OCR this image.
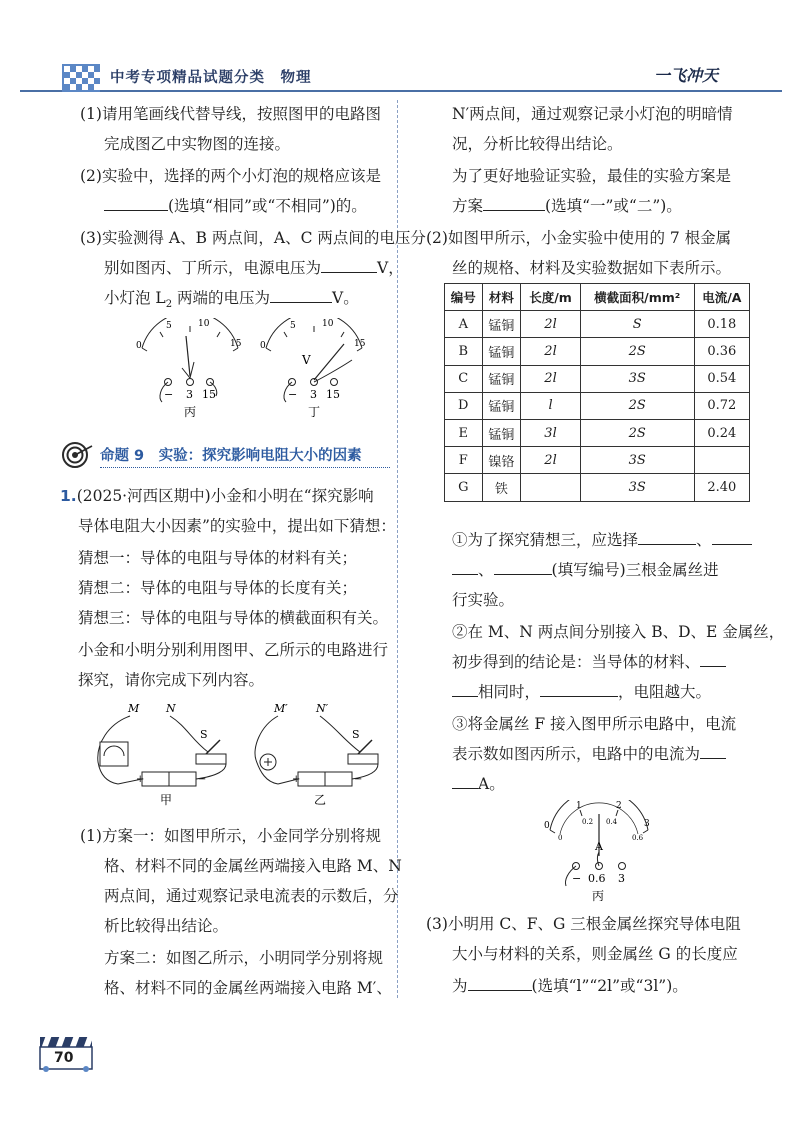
中考专项精品试题分类　物理	一飞冲天
(1)请用笔画线代替导线，按照图甲的电路图
完成图乙中实物图的连接。
(2)实验中，选择的两个小灯泡的规格应该是
(选填“相同”或“不相同”)的。
(3)实验测得 A、B 两点间，A、C 两点间的电压分
别如图丙、丁所示，电源电压为	V，
小灯泡 $L_2$ 两端的电压为	V。
0
5	10
15
− 3 15
丙
0
5	10
15
V
− 3 15
丁
命题 9　实验：探究影响电阻大小的因素
1.(2025·河西区期中)小金和小明在“探究影响
导体电阻大小因素”的实验中，提出如下猜想：
猜想一：导体的电阻与导体的材料有关；
猜想二：导体的电阻与导体的长度有关；
猜想三：导体的电阻与导体的横截面积有关。
小金和小明分别利用图甲、乙所示的电路进行
探究，请你完成下列内容。
M N
S
+	−
甲
M′	N′
S
+	−
乙
(1)方案一：如图甲所示，小金同学分别将规
格、材料不同的金属丝两端接入电路 M、N
两点间，通过观察记录电流表的示数后，分
析比较得出结论。
方案二：如图乙所示，小明同学分别将规
格、材料不同的金属丝两端接入电路 M′、
N′两点间，通过观察记录小灯泡的明暗情
况，分析比较得出结论。
为了更好地验证实验，最佳的实验方案是
方案	(选填“一”或“二”)。
(2)如图甲所示，小金实验中使用的 7 根金属
丝的规格、材料及实验数据如下表所示。
编号	材料	长度/m	横截面积/mm²	电流/A
A	锰铜	2l	S	0.18
B	锰铜	2l	2S	0.36
C	锰铜	2l	3S	0.54
D	锰铜	l	2S	0.72
E	锰铜	3l	2S	0.24
F	镍铬	2l	3S	
G	铁		3S	2.40
①为了探究猜想三，应选择	、
、	(填写编号)三根金属丝进
行实验。
②在 M、N 两点间分别接入 B、D、E 金属丝，
初步得到的结论是：当导体的材料、
相同时，	，电阻越大。
③将金属丝 F 接入图甲所示电路中，电流
表示数如图丙所示，电路中的电流为
A。
0
1	2
3
0
0.2 0.4
0.6
A
− 0.6 3
丙
(3)小明用 C、F、G 三根金属丝探究导体电阻
大小与材料的关系，则金属丝 G 的长度应
为	(选填“l”“2l”或“3l”)。
70
